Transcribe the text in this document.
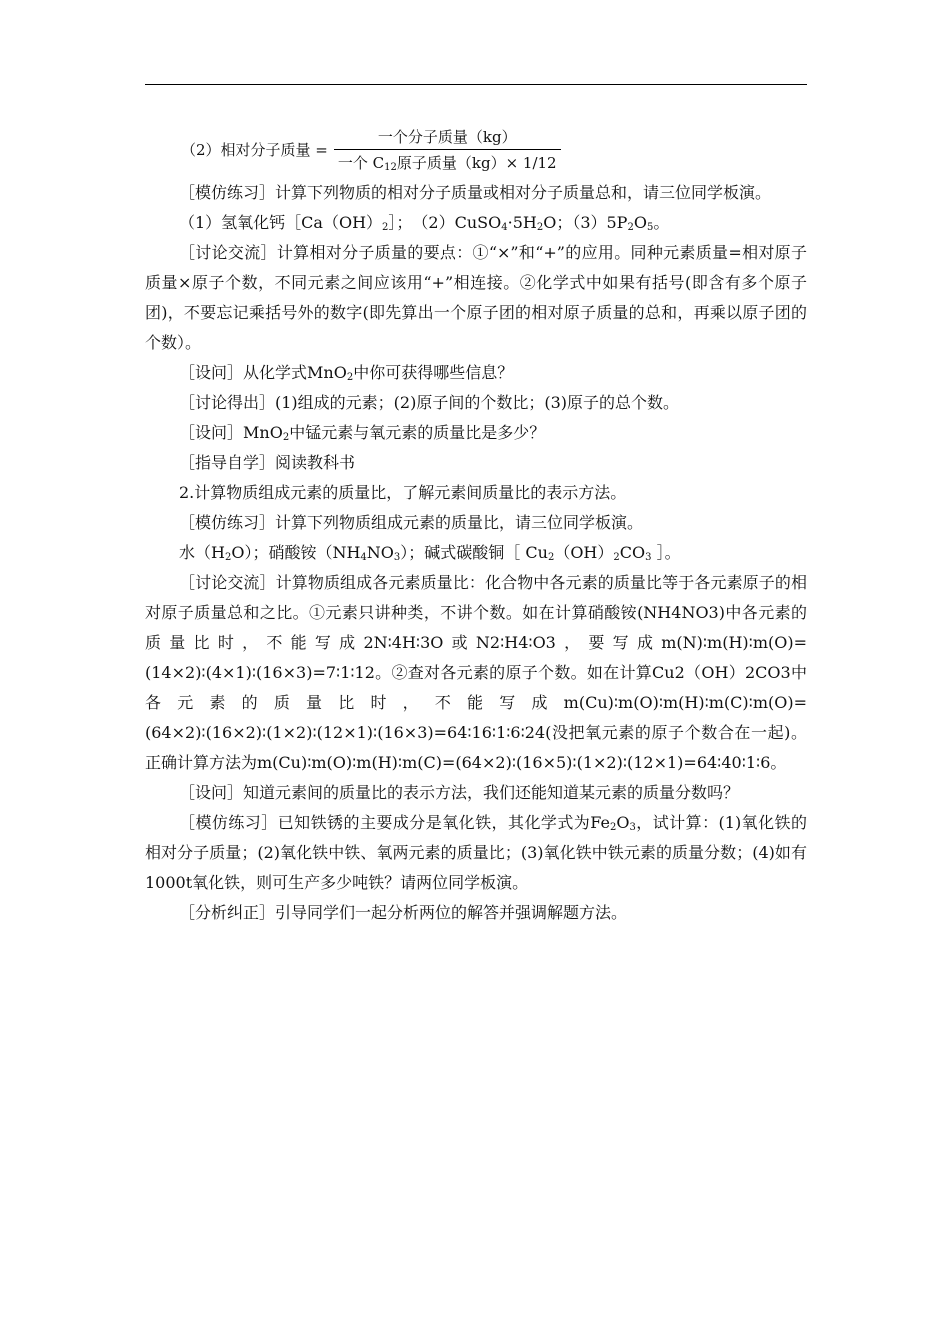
（2）相对分子质量 = $\frac{\text{一个分子质量（kg）}}{一个 C_{12}原子质量(kg)\times 1/12}$

［模仿练习］计算下列物质的相对分子质量或相对分子质量总和，请三位同学板演。

（1）氢氧化钙$[Ca(OH)_2]$；　$(2)CuSO_4\cdot 5H_2O$；$(3)5P_2O_5$。

［讨论交流］计算相对分子质量的要点：①“×”和“+”的应用。同种元素质量=相对原子质量×原子个数，不同元素之间应该用“+”相连接。②化学式中如果有括号(即含有多个原子团)，不要忘记乘括号外的数字(即先算出一个原子团的相对原子质量的总和，再乘以原子团的个数）。

［设问］从化学式MnO$_2$中你可获得哪些信息？

［讨论得出］(1)组成的元素；(2)原子间的个数比；(3)原子的总个数。

［设问］MnO$_2$中锰元素与氧元素的质量比是多少？

［指导自学］阅读教科书

2.计算物质组成元素的质量比，了解元素间质量比的表示方法。

［模仿练习］计算下列物质组成元素的质量比，请三位同学板演。

水$(H_2O)$；硝酸铵$(NH_4NO_3)$；碱式碳酸铜［ $Cu_2(OH)_2CO_3$ ］。

［讨论交流］计算物质组成各元素质量比：化合物中各元素的质量比等于各元素原子的相对原子质量总和之比。①元素只讲种类，不讲个数。如在计算硝酸铵(NH4NO3)中各元素的质量比时，不能写成2N∶4H∶3O或N2∶H4∶O3，要写成m(N)∶m(H)∶m(O)=(14×2)∶(4×1)∶(16×3)=7∶1∶12。②查对各元素的原子个数。如在计算Cu2（OH）2CO3中各元素的质量比时，不能写成m(Cu)∶m(O)∶m(H)∶m(C)∶m(O)=(64×2)∶(16×2)∶(1×2)∶(12×1)∶(16×3)=64∶16∶1∶6∶24(没把氧元素的原子个数合在一起)。正确计算方法为m(Cu)∶m(O)∶m(H)∶m(C)=(64×2)∶(16×5)∶(1×2)∶(12×1)=64∶40∶1∶6。

［设问］知道元素间的质量比的表示方法，我们还能知道某元素的质量分数吗？

［模仿练习］已知铁锈的主要成分是氧化铁，其化学式为$Fe_2O_3$，试计算：(1)氧化铁的相对分子质量；(2)氧化铁中铁、氧两元素的质量比；(3)氧化铁中铁元素的质量分数；(4)如有1000t氧化铁，则可生产多少吨铁？请两位同学板演。

［分析纠正］引导同学们一起分析两位的解答并强调解题方法。
